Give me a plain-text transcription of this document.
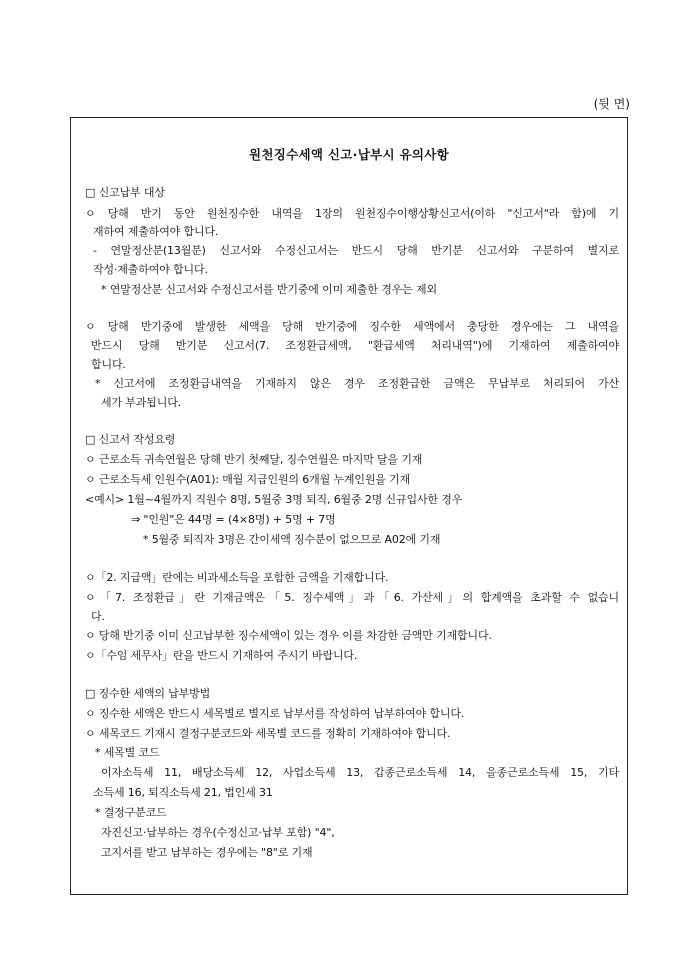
(뒷 면)
원천징수세액 신고·납부시 유의사항
□ 신고납부 대상
ㅇ 당해 반기 동안 원천징수한 내역을 1장의 원천징수이행상황신고서(이하 "신고서"라 함)에 기
재하여 제출하여야 합니다.
- 연말정산분(13월분) 신고서와 수정신고서는 반드시 당해 반기분 신고서와 구분하여 별지로
작성·제출하여야 합니다.
* 연말정산분 신고서와 수정신고서를 반기중에 이미 제출한 경우는 제외
ㅇ 당해 반기중에 발생한 세액을 당해 반기중에 징수한 세액에서 충당한 경우에는 그 내역을
반드시 당해 반기분 신고서(7. 조정환급세액, "환급세액 처리내역")에 기재하여 제출하여야
합니다.
* 신고서에 조정환급내역을 기재하지 않은 경우 조정환급한 금액은 무납부로 처리되어 가산
세가 부과됩니다.
□ 신고서 작성요령
ㅇ 근로소득 귀속연월은 당해 반기 첫째달, 징수연월은 마지막 달을 기재
ㅇ 근로소득세 인원수(A01): 매월 지급인원의 6개월 누계인원을 기재
<예시> 1월~4월까지 직원수 8명, 5월중 3명 퇴직, 6월중 2명 신규입사한 경우
⇒ "인원"은 44명 = (4×8명) + 5명 + 7명
* 5월중 퇴직자 3명은 간이세액 징수분이 없으므로 A02에 기재
ㅇ「2. 지급액」란에는 비과세소득을 포함한 금액을 기재합니다.
ㅇ「7. 조정환급」란 기재금액은「5. 징수세액」과「6. 가산세」의 합계액을 초과할 수 없습니
다.
ㅇ 당해 반기중 이미 신고납부한 징수세액이 있는 경우 이를 차감한 금액만 기재합니다.
ㅇ「수임 세무사」란을 반드시 기재하여 주시기 바랍니다.
□ 징수한 세액의 납부방법
ㅇ 징수한 세액은 반드시 세목별로 별지로 납부서를 작성하여 납부하여야 합니다.
ㅇ 세목코드 기재시 결정구분코드와 세목별 코드를 정확히 기재하여야 합니다.
* 세목별 코드
이자소득세 11, 배당소득세 12, 사업소득세 13, 갑종근로소득세 14, 을종근로소득세 15, 기타
소득세 16, 퇴직소득세 21, 법인세 31
* 결정구분코드
자진신고·납부하는 경우(수정신고·납부 포함) "4",
고지서를 받고 납부하는 경우에는 "8"로 기재
